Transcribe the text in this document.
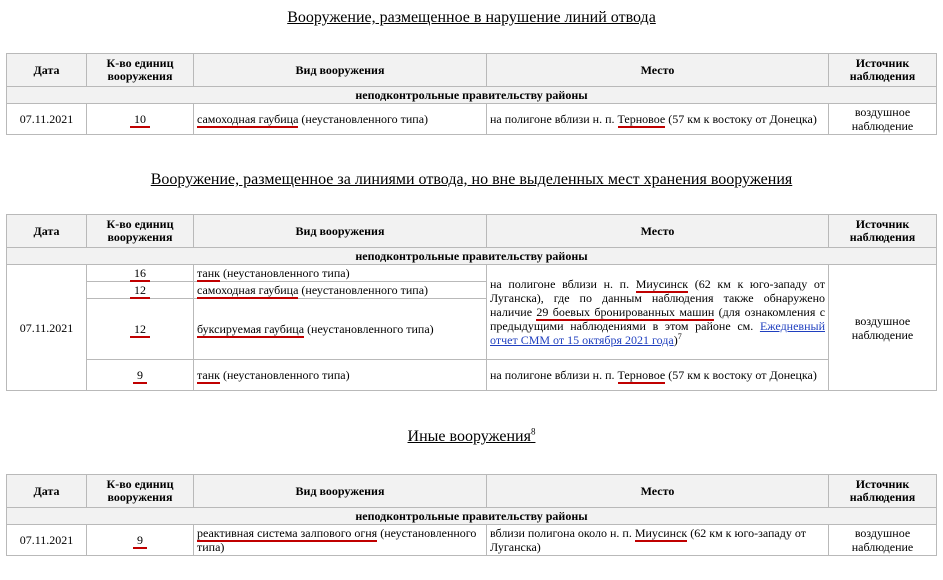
Вооружение, размещенное в нарушение линий отвода
Дата	К-во единиц вооружения	Вид вооружения	Место	Источник наблюдения
неподконтрольные правительству районы				
07.11.2021	10	самоходная гаубица (неустановленного типа)	на полигоне вблизи н. п. Терновое (57 км к востоку от Донецка)	воздушное наблюдение
Вооружение, размещенное за линиями отвода, но вне выделенных мест хранения вооружения
Дата	К-во единиц вооружения	Вид вооружения	Место	Источник наблюдения
неподконтрольные правительству районы				
07.11.2021	16	танк (неустановленного типа)	на полигоне вблизи н. п. Миусинск (62 км к юго-западу от Луганска), где по данным наблюдения также обнаружено наличие 29 боевых бронированных машин (для ознакомления с предыдущими наблюдениями в этом районе см. Ежедневный отчет СММ от 15 октября 2021 года)$^7$	воздушное наблюдение
	12	самоходная гаубица (неустановленного типа)		
	12	буксируемая гаубица (неустановленного типа)		
	9	танк (неустановленного типа)	на полигоне вблизи н. п. Терновое (57 км к востоку от Донецка)	
Иные вооружения$^8$
Дата	К-во единиц вооружения	Вид вооружения	Место	Источник наблюдения
неподконтрольные правительству районы				
07.11.2021	9	реактивная система залпового огня (неустановленного типа)	вблизи полигона около н. п. Миусинск (62 км к юго-западу от Луганска)	воздушное наблюдение
